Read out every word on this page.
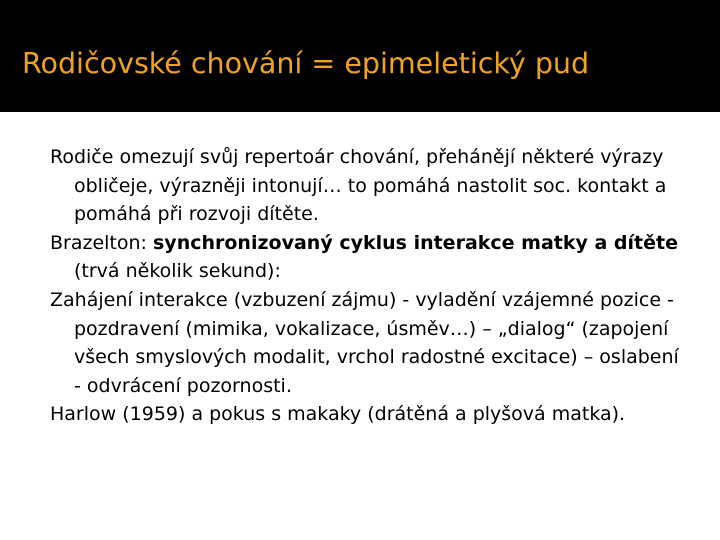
Rodičovské chování = epimeletický pud

Rodiče omezují svůj repertoár chování, přehánějí některé výrazy obličeje, výrazněji intonují… to pomáhá nastolit soc. kontakt a pomáhá při rozvoji dítěte.

Brazelton: synchronizovaný cyklus interakce matky a dítěte (trvá několik sekund):

Zahájení interakce (vzbuzení zájmu) - vyladění vzájemné pozice - pozdravení (mimika, vokalizace, úsměv…) – „dialog“ (zapojení všech smyslových modalit, vrchol radostné excitace) – oslabení - odvrácení pozornosti.

Harlow (1959) a pokus s makaky (drátěná a plyšová matka).
